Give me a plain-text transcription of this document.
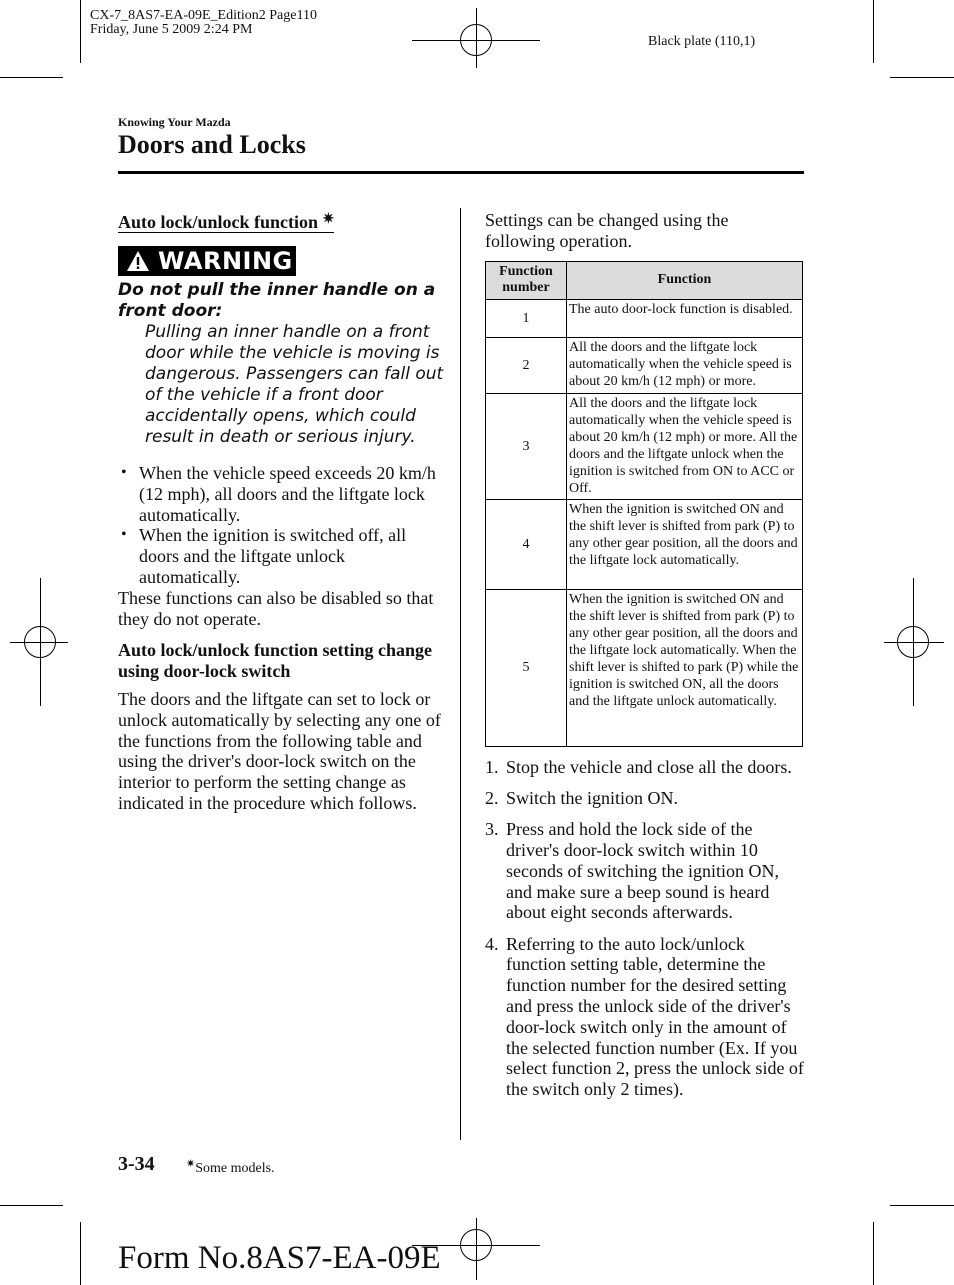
CX-7_8AS7-EA-09E_Edition2 Page110
Friday, June 5 2009 2:24 PM
Black plate (110,1)
Knowing Your Mazda
Doors and Locks
Auto lock/unlock function ✷
WARNING
Do not pull the inner handle on a front door:
Pulling an inner handle on a front door while the vehicle is moving is dangerous. Passengers can fall out of the vehicle if a front door accidentally opens, which could result in death or serious injury.
• When the vehicle speed exceeds 20 km/h (12 mph), all doors and the liftgate lock automatically.
• When the ignition is switched off, all doors and the liftgate unlock automatically.
These functions can also be disabled so that they do not operate.
Auto lock/unlock function setting change using door-lock switch
The doors and the liftgate can set to lock or unlock automatically by selecting any one of the functions from the following table and using the driver's door-lock switch on the interior to perform the setting change as indicated in the procedure which follows.
Settings can be changed using the following operation.
Function number	Function
1	The auto door-lock function is disabled.
2	All the doors and the liftgate lock automatically when the vehicle speed is about 20 km/h (12 mph) or more.
3	All the doors and the liftgate lock automatically when the vehicle speed is about 20 km/h (12 mph) or more. All the doors and the liftgate unlock when the ignition is switched from ON to ACC or Off.
4	When the ignition is switched ON and the shift lever is shifted from park (P) to any other gear position, all the doors and the liftgate lock automatically.
5	When the ignition is switched ON and the shift lever is shifted from park (P) to any other gear position, all the doors and the liftgate lock automatically. When the shift lever is shifted to park (P) while the ignition is switched ON, all the doors and the liftgate unlock automatically.
1. Stop the vehicle and close all the doors.
2. Switch the ignition ON.
3. Press and hold the lock side of the driver's door-lock switch within 10 seconds of switching the ignition ON, and make sure a beep sound is heard about eight seconds afterwards.
4. Referring to the auto lock/unlock function setting table, determine the function number for the desired setting and press the unlock side of the driver's door-lock switch only in the amount of the selected function number (Ex. If you select function 2, press the unlock side of the switch only 2 times).
3-34	✷Some models.
Form No.8AS7-EA-09E
